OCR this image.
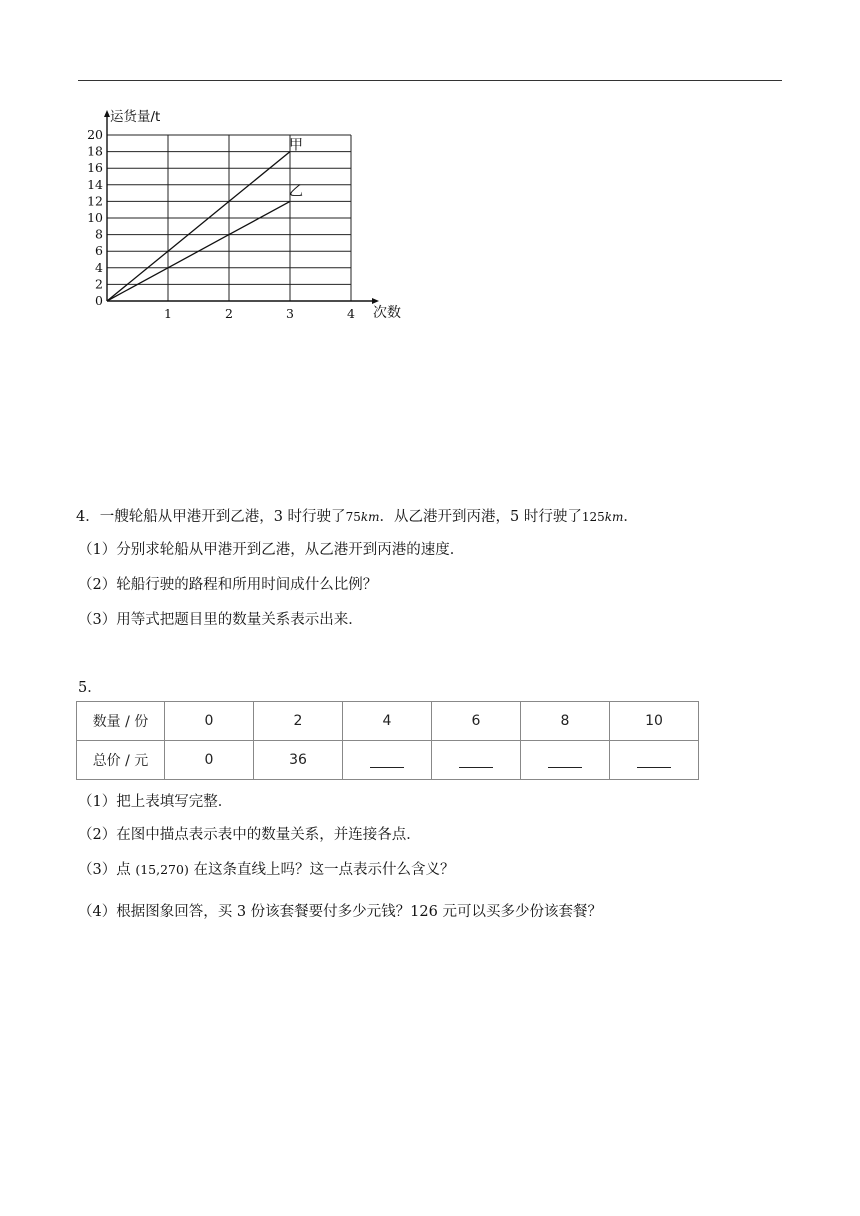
0
2
4
6
8
10
12
14
16
18
20
1	2	3	4
运货量/t
次数
甲
乙
4．一艘轮船从甲港开到乙港，3 时行驶了75km．从乙港开到丙港，5 时行驶了125km．
（1）分别求轮船从甲港开到乙港，从乙港开到丙港的速度．
（2）轮船行驶的路程和所用时间成什么比例？
（3）用等式把题目里的数量关系表示出来．
5．
数量 / 份	0	2	4	6	8	10
总价 / 元	0	36				
（1）把上表填写完整．
（2）在图中描点表示表中的数量关系，并连接各点．
（3）点 (15,270) 在这条直线上吗？这一点表示什么含义？
（4）根据图象回答，买 3 份该套餐要付多少元钱？126 元可以买多少份该套餐？
